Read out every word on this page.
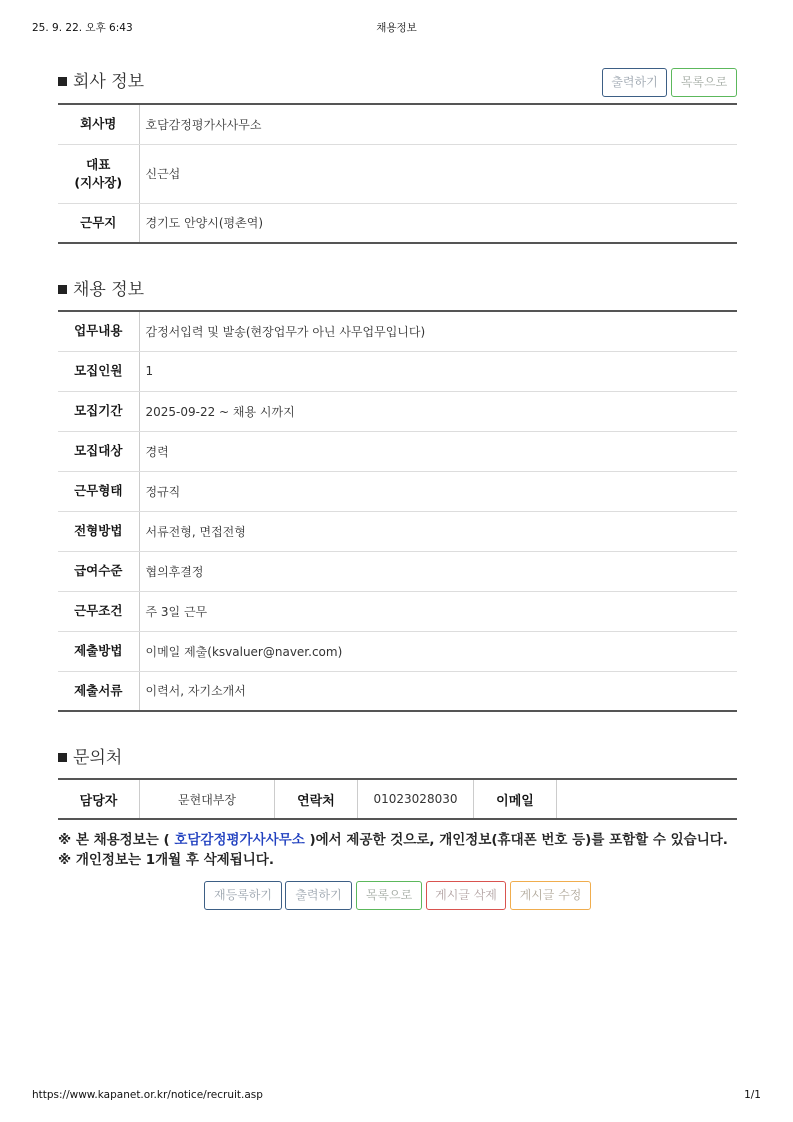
25. 9. 22. 오후 6:43	채용정보
회사 정보	출력하기	목록으로
회사명	호담감정평가사사무소
대표
(지사장)	신근섭
근무지	경기도 안양시(평촌역)
채용 정보
업무내용	감정서입력 및 발송(현장업무가 아닌 사무업무입니다)
모집인원	1
모집기간	2025-09-22 ~ 채용 시까지
모집대상	경력
근무형태	정규직
전형방법	서류전형, 면접전형
급여수준	협의후결정
근무조건	주 3일 근무
제출방법	이메일 제출(ksvaluer@naver.com)
제출서류	이력서, 자기소개서
문의처
담당자	문현대부장	연락처	01023028030	이메일	
※ 본 채용정보는 ( 호담감정평가사사무소 )에서 제공한 것으로, 개인정보(휴대폰 번호 등)를 포함할 수 있습니다.
※ 개인정보는 1개월 후 삭제됩니다.
재등록하기	출력하기	목록으로	게시글 삭제	게시글 수정
https://www.kapanet.or.kr/notice/recruit.asp	1/1
